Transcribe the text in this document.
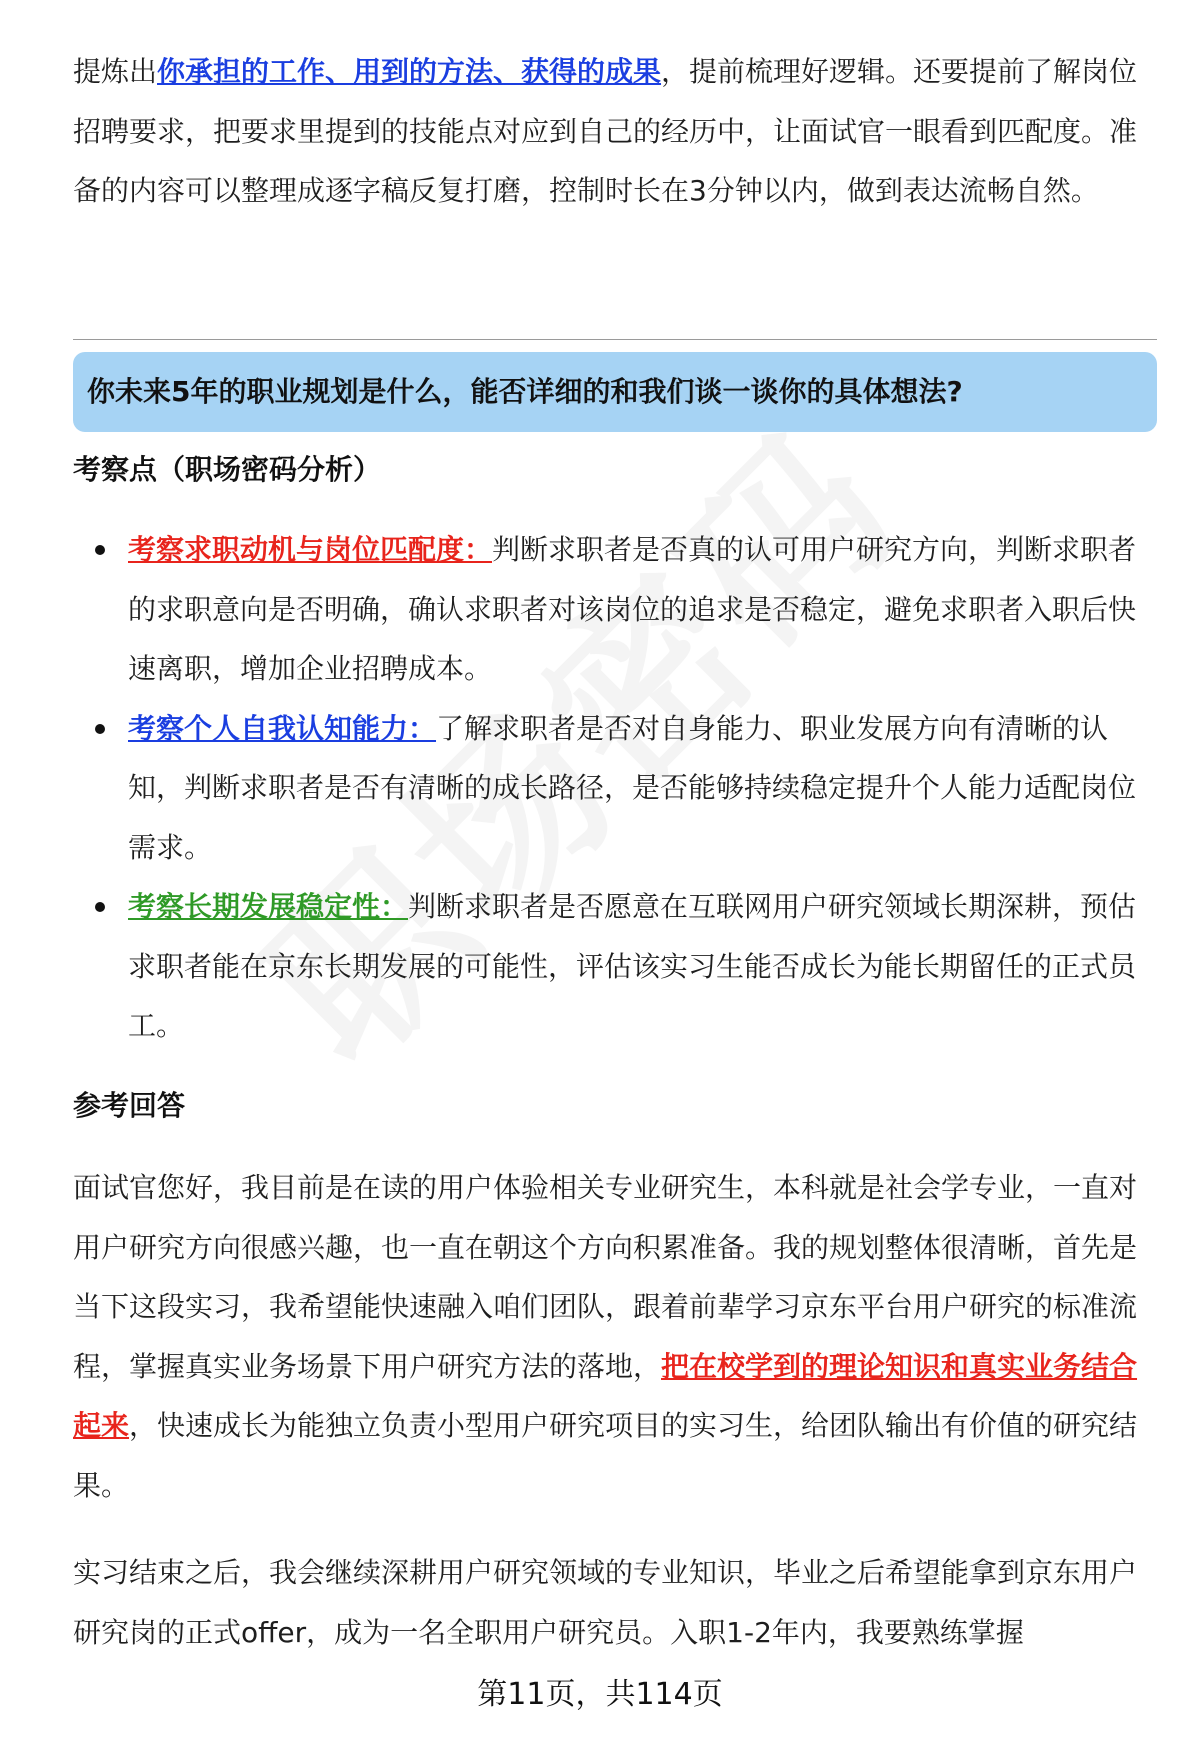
提炼出你承担的工作、用到的方法、获得的成果，提前梳理好逻辑。还要提前了解岗位招聘要求，把要求里提到的技能点对应到自己的经历中，让面试官一眼看到匹配度。准备的内容可以整理成逐字稿反复打磨，控制时长在3分钟以内，做到表达流畅自然。

你未来5年的职业规划是什么，能否详细的和我们谈一谈你的具体想法?
考察点（职场密码分析）
考察求职动机与岗位匹配度：判断求职者是否真的认可用户研究方向，判断求职者的求职意向是否明确，确认求职者对该岗位的追求是否稳定，避免求职者入职后快速离职，增加企业招聘成本。
考察个人自我认知能力：了解求职者是否对自身能力、职业发展方向有清晰的认知，判断求职者是否有清晰的成长路径，是否能够持续稳定提升个人能力适配岗位需求。
考察长期发展稳定性：判断求职者是否愿意在互联网用户研究领域长期深耕，预估求职者能在京东长期发展的可能性，评估该实习生能否成长为能长期留任的正式员工。
参考回答

面试官您好，我目前是在读的用户体验相关专业研究生，本科就是社会学专业，一直对用户研究方向很感兴趣，也一直在朝这个方向积累准备。我的规划整体很清晰，首先是当下这段实习，我希望能快速融入咱们团队，跟着前辈学习京东平台用户研究的标准流程，掌握真实业务场景下用户研究方法的落地，把在校学到的理论知识和真实业务结合起来，快速成长为能独立负责小型用户研究项目的实习生，给团队输出有价值的研究结果。

实习结束之后，我会继续深耕用户研究领域的专业知识，毕业之后希望能拿到京东用户研究岗的正式offer，成为一名全职用户研究员。入职1-2年内，我要熟练掌握

第11页，共114页
